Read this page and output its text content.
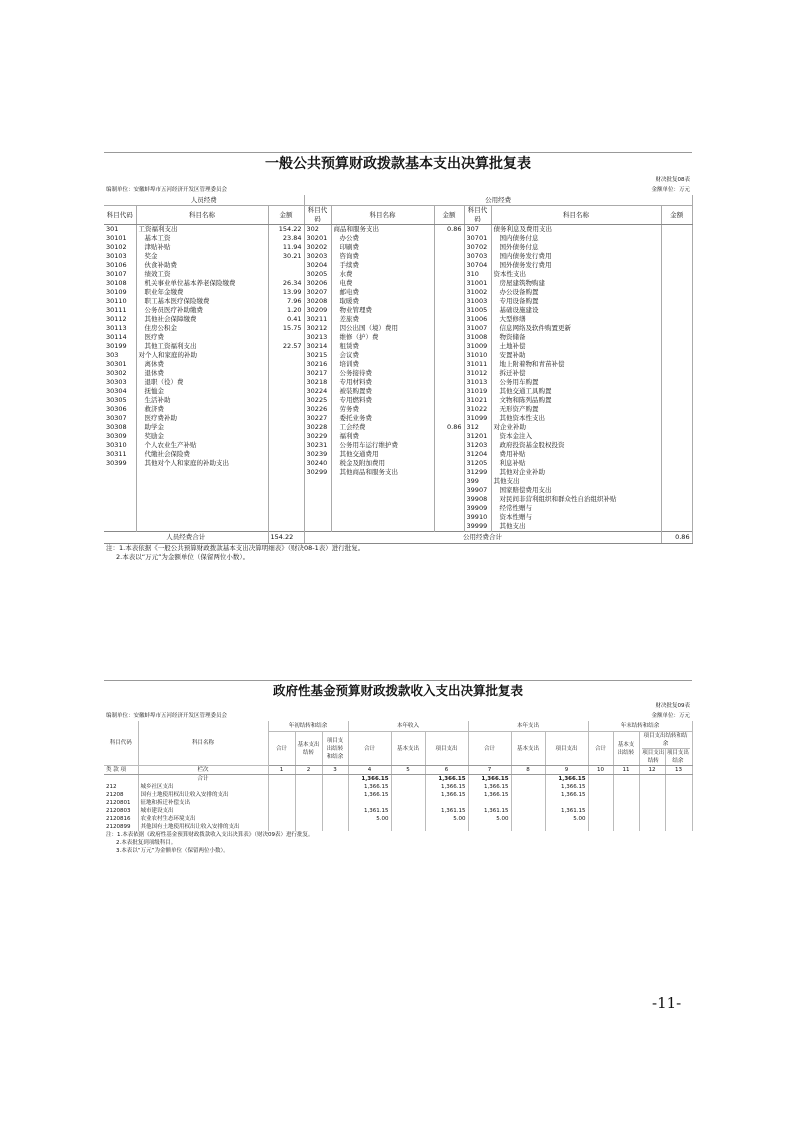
一般公共预算财政拨款基本支出决算批复表
财决批复08表
编制单位：安徽蚌埠市五河经济开发区管理委员会	金额单位：万元
人员经费			公用经费					
科目代码	科目名称	金额	科目代码	科目名称	金额	科目代码	科目名称	金额
301	工资福利支出	154.22	302	商品和服务支出	0.86	307	债务利息及费用支出	
30101	基本工资	23.84	30201	办公费		30701	国内债务付息	
30102	津贴补贴	11.94	30202	印刷费		30702	国外债务付息	
30103	奖金	30.21	30203	咨询费		30703	国内债务发行费用	
30106	伙食补助费		30204	手续费		30704	国外债务发行费用	
30107	绩效工资		30205	水费		310	资本性支出	
30108	机关事业单位基本养老保险缴费	26.34	30206	电费		31001	房屋建筑物购建	
30109	职业年金缴费	13.99	30207	邮电费		31002	办公设备购置	
30110	职工基本医疗保险缴费	7.96	30208	取暖费		31003	专用设备购置	
30111	公务员医疗补助缴费	1.20	30209	物业管理费		31005	基础设施建设	
30112	其他社会保障缴费	0.41	30211	差旅费		31006	大型修缮	
30113	住房公积金	15.75	30212	因公出国（境）费用		31007	信息网络及软件购置更新	
30114	医疗费		30213	维修（护）费		31008	物资储备	
30199	其他工资福利支出	22.57	30214	租赁费		31009	土地补偿	
303	对个人和家庭的补助		30215	会议费		31010	安置补助	
30301	离休费		30216	培训费		31011	地上附着物和青苗补偿	
30302	退休费		30217	公务接待费		31012	拆迁补偿	
30303	退职（役）费		30218	专用材料费		31013	公务用车购置	
30304	抚恤金		30224	被装购置费		31019	其他交通工具购置	
30305	生活补助		30225	专用燃料费		31021	文物和陈列品购置	
30306	救济费		30226	劳务费		31022	无形资产购置	
30307	医疗费补助		30227	委托业务费		31099	其他资本性支出	
30308	助学金		30228	工会经费	0.86	312	对企业补助	
30309	奖励金		30229	福利费		31201	资本金注入	
30310	个人农业生产补贴		30231	公务用车运行维护费		31203	政府投资基金股权投资	
30311	代缴社会保险费		30239	其他交通费用		31204	费用补贴	
30399	其他对个人和家庭的补助支出		30240	税金及附加费用		31205	利息补贴	
			30299	其他商品和服务支出		31299	其他对企业补助	
						399	其他支出	
						39907	国家赔偿费用支出	
						39908	对民间非营利组织和群众性自治组织补贴	
						39909	经常性赠与	
						39910	资本性赠与	
						39999	其他支出	
人员经费合计		154.22	公用经费合计					0.86
注：1.本表依据《一般公共预算财政拨款基本支出决算明细表》（财决08-1表）进行批复。
2.本表以“万元”为金额单位（保留两位小数）。
政府性基金预算财政拨款收入支出决算批复表
财决批复09表
编制单位：安徽蚌埠市五河经济开发区管理委员会	金额单位：万元
科目代码	科目名称	年初结转和结余			本年收入			本年支出			年末结转和结余			
		合计	基本支出结转	项目支出结转和结余	合计	基本支出	项目支出	合计	基本支出	项目支出	合计	基本支出结转	项目支出结转和结余
项目支出结转
项目支出结余	

类 款 项	栏次	1	2	3	4	5	6	7	8	9	10	11	12	13
	合计				1,366.15		1,366.15	1,366.15		1,366.15				
212	城乡社区支出				1,366.15		1,366.15	1,366.15		1,366.15				
21208	国有土地使用权出让收入安排的支出				1,366.15		1,366.15	1,366.15		1,366.15				
2120801	征地和拆迁补偿支出													
2120803	城市建设支出				1,361.15		1,361.15	1,361.15		1,361.15				
2120816	农业农村生态环境支出				5.00		5.00	5.00		5.00				
2120899	其他国有土地使用权出让收入安排的支出													
注：1.本表依据《政府性基金预算财政拨款收入支出决算表》（财决09表）进行批复。
2.本表批复到项级科目。
3.本表以“万元”为金额单位（保留两位小数）。
-11-
